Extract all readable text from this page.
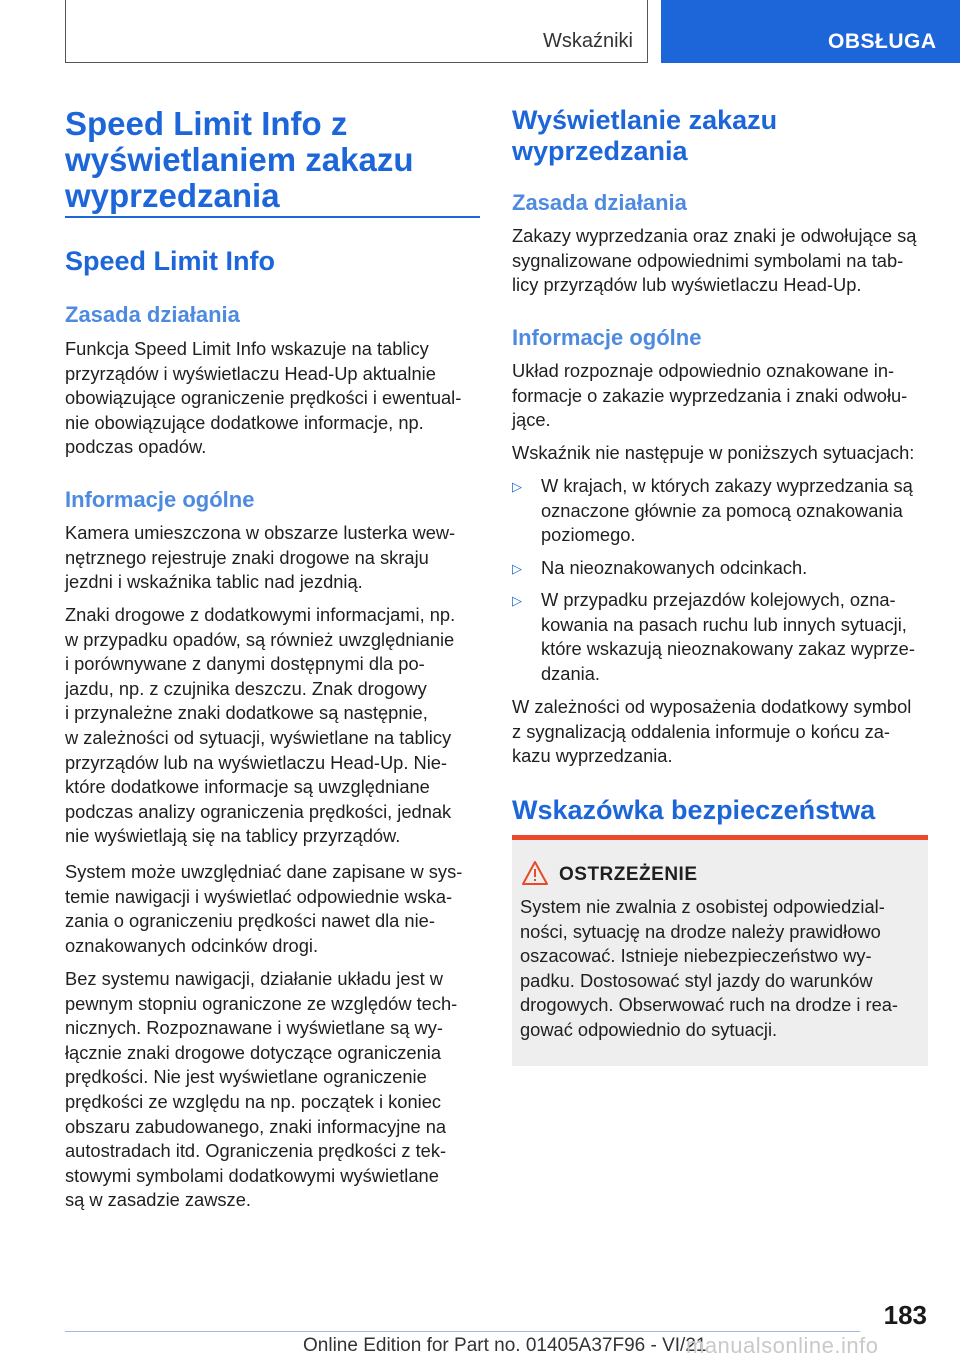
Wskaźniki	OBSŁUGA
Speed Limit Info z
wyświetlaniem zakazu
wyprzedzania
Speed Limit Info
Zasada działania
Funkcja Speed Limit Info wskazuje na tablicy
przyrządów i wyświetlaczu Head-Up aktualnie
obowiązujące ograniczenie prędkości i ewentual-
nie obowiązujące dodatkowe informacje, np.
podczas opadów.
Informacje ogólne
Kamera umieszczona w obszarze lusterka wew-
nętrznego rejestruje znaki drogowe na skraju
jezdni i wskaźnika tablic nad jezdnią.
Znaki drogowe z dodatkowymi informacjami, np.
w przypadku opadów, są również uwzględnianie
i porównywane z danymi dostępnymi dla po-
jazdu, np. z czujnika deszczu. Znak drogowy
i przynależne znaki dodatkowe są następnie,
w zależności od sytuacji, wyświetlane na tablicy
przyrządów lub na wyświetlaczu Head-Up. Nie-
które dodatkowe informacje są uwzględniane
podczas analizy ograniczenia prędkości, jednak
nie wyświetlają się na tablicy przyrządów.
System może uwzględniać dane zapisane w sys-
temie nawigacji i wyświetlać odpowiednie wska-
zania o ograniczeniu prędkości nawet dla nie-
oznakowanych odcinków drogi.
Bez systemu nawigacji, działanie układu jest w
pewnym stopniu ograniczone ze względów tech-
nicznych. Rozpoznawane i wyświetlane są wy-
łącznie znaki drogowe dotyczące ograniczenia
prędkości. Nie jest wyświetlane ograniczenie
prędkości ze względu na np. początek i koniec
obszaru zabudowanego, znaki informacyjne na
autostradach itd. Ograniczenia prędkości z tek-
stowymi symbolami dodatkowymi wyświetlane
są w zasadzie zawsze.
Wyświetlanie zakazu
wyprzedzania
Zasada działania
Zakazy wyprzedzania oraz znaki je odwołujące są
sygnalizowane odpowiednimi symbolami na tab-
licy przyrządów lub wyświetlaczu Head-Up.
Informacje ogólne
Układ rozpoznaje odpowiednio oznakowane in-
formacje o zakazie wyprzedzania i znaki odwołu-
jące.
Wskaźnik nie następuje w poniższych sytuacjach:

▷ W krajach, w których zakazy wyprzedzania są
oznaczone głównie za pomocą oznakowania
poziomego.

▷ Na nieoznakowanych odcinkach.

▷ W przypadku przejazdów kolejowych, ozna-
kowania na pasach ruchu lub innych sytuacji,
które wskazują nieoznakowany zakaz wyprze-
dzania.

W zależności od wyposażenia dodatkowy symbol
z sygnalizacją oddalenia informuje o końcu za-
kazu wyprzedzania.
Wskazówka bezpieczeństwa
OSTRZEŻENIE
System nie zwalnia z osobistej odpowiedzial-
ności, sytuację na drodze należy prawidłowo
oszacować. Istnieje niebezpieczeństwo wy-
padku. Dostosować styl jazdy do warunków
drogowych. Obserwować ruch na drodze i rea-
gować odpowiednio do sytuacji.
183
Online Edition for Part no. 01405A37F96 - VI/21
manualsonline.info
